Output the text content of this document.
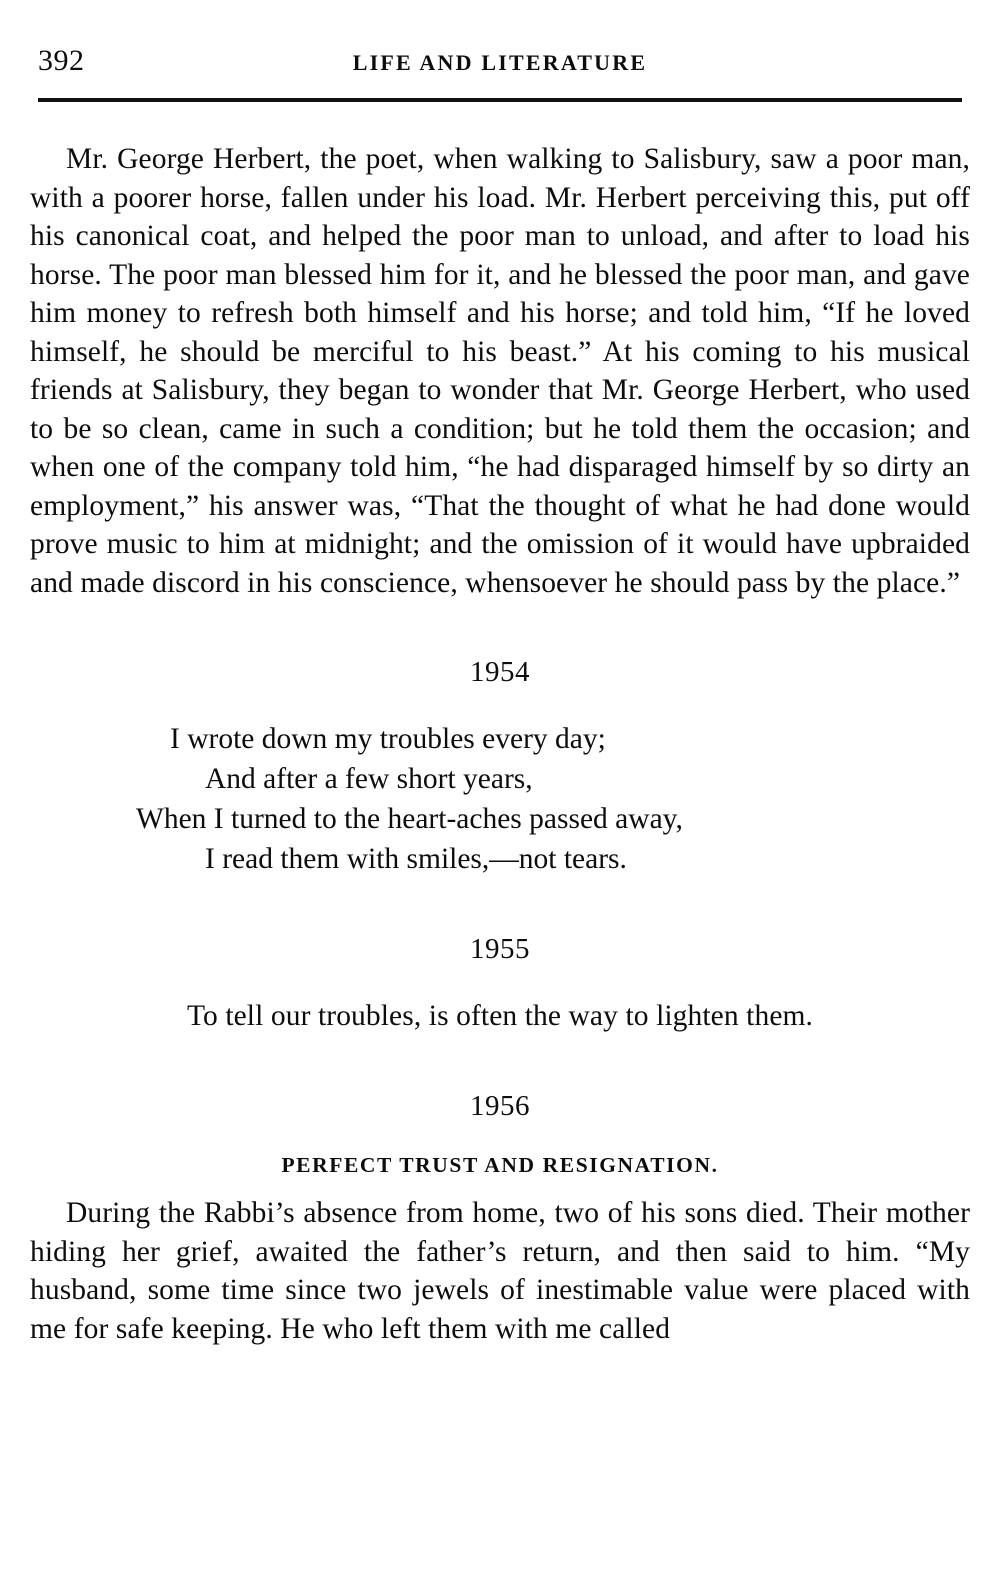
392	LIFE AND LITERATURE

Mr. George Herbert, the poet, when walking to Salisbury, saw a poor man, with a poorer horse, fallen under his load. Mr. Herbert perceiving this, put off his canonical coat, and helped the poor man to unload, and after to load his horse. The poor man blessed him for it, and he blessed the poor man, and gave him money to refresh both himself and his horse; and told him, “If he loved himself, he should be merciful to his beast.” At his coming to his musical friends at Salisbury, they began to wonder that Mr. George Herbert, who used to be so clean, came in such a condition; but he told them the occasion; and when one of the company told him, “he had disparaged himself by so dirty an employment,” his answer was, “That the thought of what he had done would prove music to him at midnight; and the omission of it would have upbraided and made discord in his conscience, whensoever he should pass by the place.”

1954
I wrote down my troubles every day;
And after a few short years,
When I turned to the heart-aches passed away,
I read them with smiles,—not tears.
1955

To tell our troubles, is often the way to lighten them.

1956
PERFECT TRUST AND RESIGNATION.

During the Rabbi’s absence from home, two of his sons died. Their mother hiding her grief, awaited the father’s return, and then said to him. “My husband, some time since two jewels of inestimable value were placed with me for safe keeping. He who left them with me called
